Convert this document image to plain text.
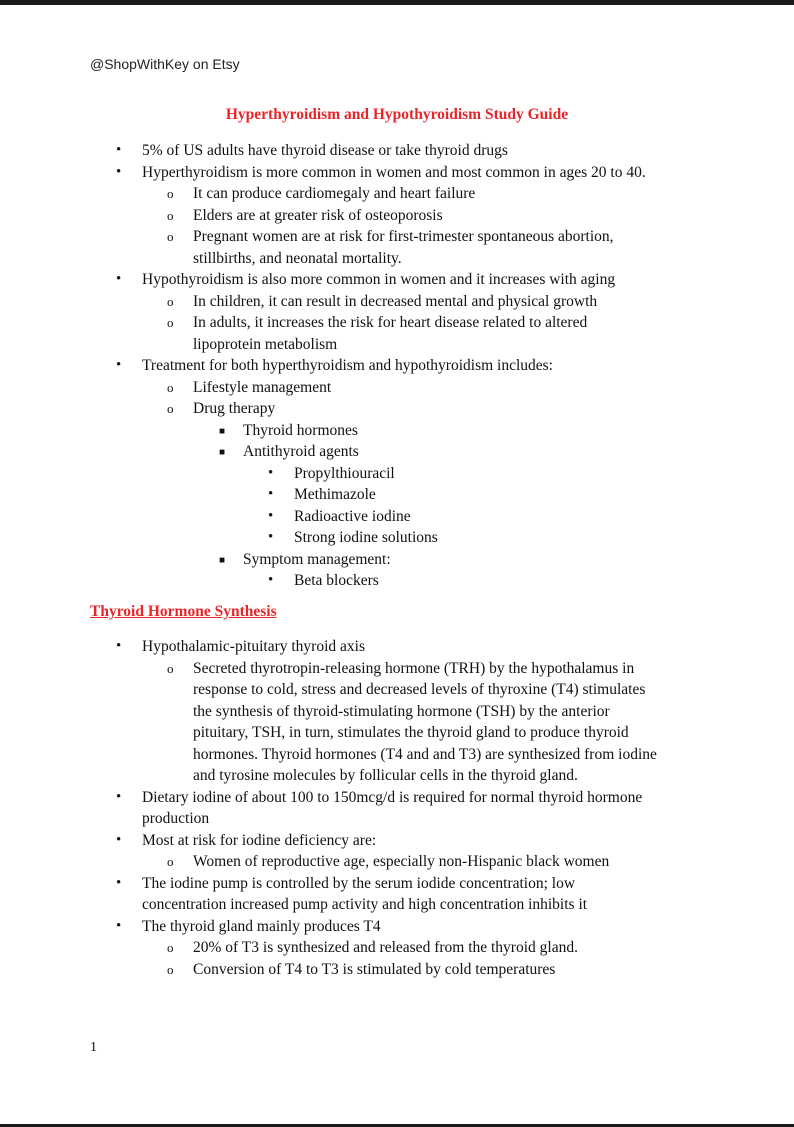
@ShopWithKey on Etsy
Hyperthyroidism and Hypothyroidism Study Guide
• 5% of US adults have thyroid disease or take thyroid drugs
• Hyperthyroidism is more common in women and most common in ages 20 to 40.
o It can produce cardiomegaly and heart failure
o Elders are at greater risk of osteoporosis
o Pregnant women are at risk for first-trimester spontaneous abortion,
stillbirths, and neonatal mortality.
• Hypothyroidism is also more common in women and it increases with aging
o In children, it can result in decreased mental and physical growth
o In adults, it increases the risk for heart disease related to altered
lipoprotein metabolism
• Treatment for both hyperthyroidism and hypothyroidism includes:
o Lifestyle management
o Drug therapy
■ Thyroid hormones
■ Antithyroid agents
• Propylthiouracil
• Methimazole
• Radioactive iodine
• Strong iodine solutions
■ Symptom management:
• Beta blockers
Thyroid Hormone Synthesis
• Hypothalamic-pituitary thyroid axis
o Secreted thyrotropin-releasing hormone (TRH) by the hypothalamus in
response to cold, stress and decreased levels of thyroxine (T4) stimulates
the synthesis of thyroid-stimulating hormone (TSH) by the anterior
pituitary, TSH, in turn, stimulates the thyroid gland to produce thyroid
hormones. Thyroid hormones (T4 and and T3) are synthesized from iodine
and tyrosine molecules by follicular cells in the thyroid gland.
• Dietary iodine of about 100 to 150mcg/d is required for normal thyroid hormone
production
• Most at risk for iodine deficiency are:
o Women of reproductive age, especially non-Hispanic black women
• The iodine pump is controlled by the serum iodide concentration; low
concentration increased pump activity and high concentration inhibits it
• The thyroid gland mainly produces T4
o 20% of T3 is synthesized and released from the thyroid gland.
o Conversion of T4 to T3 is stimulated by cold temperatures
1
